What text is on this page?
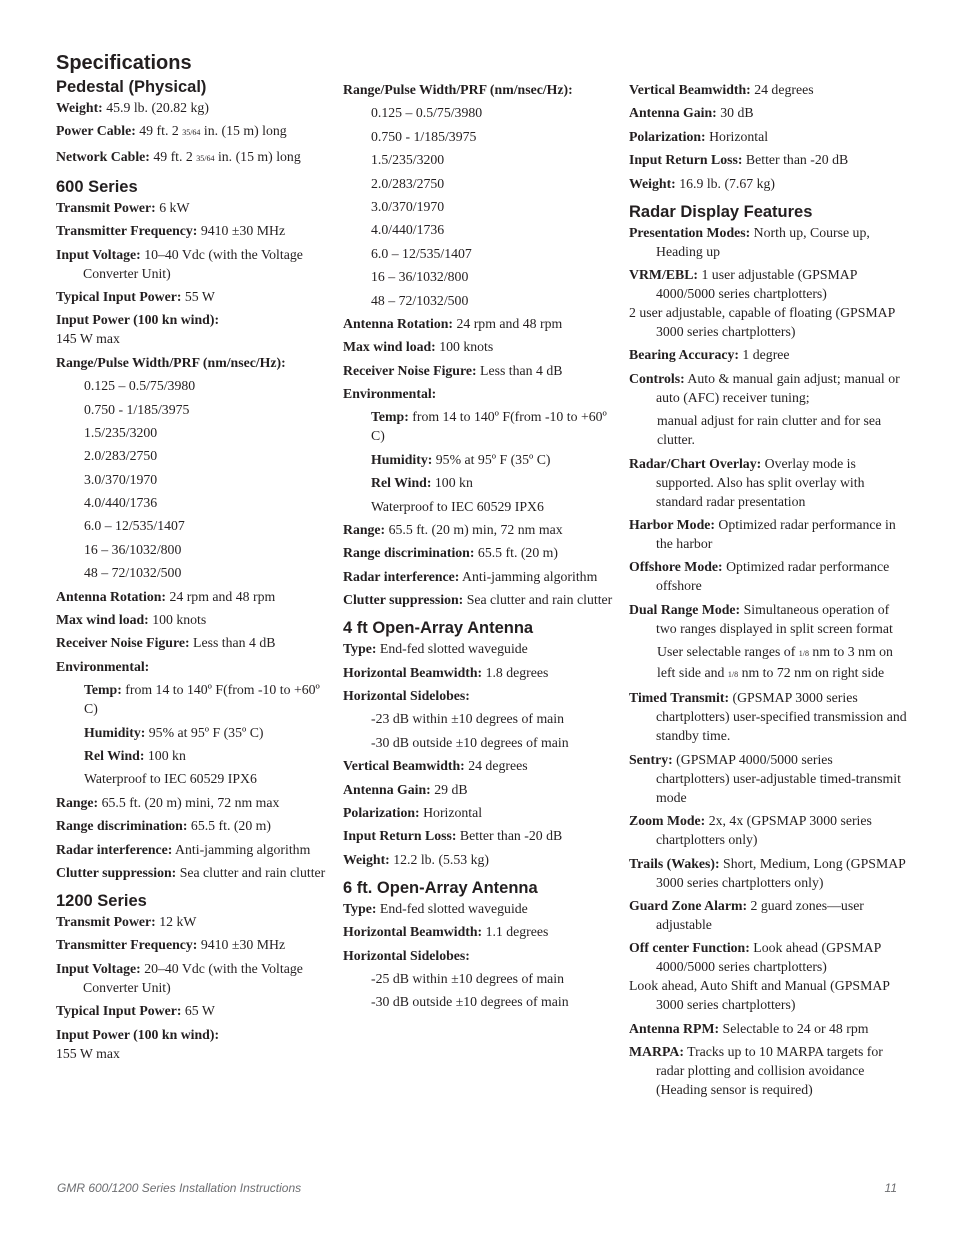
Specifications
Pedestal (Physical)
Weight: 45.9 lb. (20.82 kg)
Power Cable: 49 ft. 2 35/64 in. (15 m) long
Network Cable: 49 ft. 2 35/64 in. (15 m) long
600 Series
Transmit Power: 6 kW
Transmitter Frequency: 9410 ±30 MHz
Input Voltage: 10–40 Vdc (with the Voltage Converter Unit)
Typical Input Power: 55 W
Input Power (100 kn wind):
145 W max
Range/Pulse Width/PRF (nm/nsec/Hz):
0.125 – 0.5/75/3980
0.750 - 1/185/3975
1.5/235/3200
2.0/283/2750
3.0/370/1970
4.0/440/1736
6.0 – 12/535/1407
16 – 36/1032/800
48 – 72/1032/500
Antenna Rotation: 24 rpm and 48 rpm
Max wind load: 100 knots
Receiver Noise Figure: Less than 4 dB
Environmental:
Temp: from 14 to 140º F(from -10 to +60º C)
Humidity: 95% at 95º F (35º C)
Rel Wind: 100 kn
Waterproof to IEC 60529 IPX6
Range: 65.5 ft. (20 m) mini, 72 nm max
Range discrimination: 65.5 ft. (20 m)
Radar interference: Anti-jamming algorithm
Clutter suppression: Sea clutter and rain clutter
1200 Series
Transmit Power: 12 kW
Transmitter Frequency: 9410 ±30 MHz
Input Voltage: 20–40 Vdc (with the Voltage Converter Unit)
Typical Input Power: 65 W
Input Power (100 kn wind):
155 W max
Range/Pulse Width/PRF (nm/nsec/Hz):
0.125 – 0.5/75/3980
0.750 - 1/185/3975
1.5/235/3200
2.0/283/2750
3.0/370/1970
4.0/440/1736
6.0 – 12/535/1407
16 – 36/1032/800
48 – 72/1032/500
Antenna Rotation: 24 rpm and 48 rpm
Max wind load: 100 knots
Receiver Noise Figure: Less than 4 dB
Environmental:
Temp: from 14 to 140º F(from -10 to +60º C)
Humidity: 95% at 95º F (35º C)
Rel Wind: 100 kn
Waterproof to IEC 60529 IPX6
Range: 65.5 ft. (20 m) min, 72 nm max
Range discrimination: 65.5 ft. (20 m)
Radar interference: Anti-jamming algorithm
Clutter suppression: Sea clutter and rain clutter
4 ft Open-Array Antenna
Type: End-fed slotted waveguide
Horizontal Beamwidth: 1.8 degrees
Horizontal Sidelobes:
-23 dB within ±10 degrees of main
-30 dB outside ±10 degrees of main
Vertical Beamwidth: 24 degrees
Antenna Gain: 29 dB
Polarization: Horizontal
Input Return Loss: Better than -20 dB
Weight: 12.2 lb. (5.53 kg)
6 ft. Open-Array Antenna
Type: End-fed slotted waveguide
Horizontal Beamwidth: 1.1 degrees
Horizontal Sidelobes:
-25 dB within ±10 degrees of main
-30 dB outside ±10 degrees of main
Vertical Beamwidth: 24 degrees
Antenna Gain: 30 dB
Polarization: Horizontal
Input Return Loss: Better than -20 dB
Weight: 16.9 lb. (7.67 kg)
Radar Display Features
Presentation Modes: North up, Course up, Heading up
VRM/EBL: 1 user adjustable (GPSMAP 4000/5000 series chartplotters)
2 user adjustable, capable of floating (GPSMAP 3000 series chartplotters)
Bearing Accuracy: 1 degree
Controls: Auto & manual gain adjust; manual or auto (AFC) receiver tuning;
manual adjust for rain clutter and for sea clutter.
Radar/Chart Overlay: Overlay mode is supported. Also has split overlay with standard radar presentation
Harbor Mode: Optimized radar performance in the harbor
Offshore Mode: Optimized radar performance offshore
Dual Range Mode: Simultaneous operation of two ranges displayed in split screen format
User selectable ranges of 1/8 nm to 3 nm on left side and 1/8 nm to 72 nm on right side
Timed Transmit: (GPSMAP 3000 series chartplotters) user-specified transmission and standby time.
Sentry: (GPSMAP 4000/5000 series chartplotters) user-adjustable timed-transmit mode
Zoom Mode: 2x, 4x (GPSMAP 3000 series chartplotters only)
Trails (Wakes): Short, Medium, Long (GPSMAP 3000 series chartplotters only)
Guard Zone Alarm: 2 guard zones—user adjustable
Off center Function: Look ahead (GPSMAP 4000/5000 series chartplotters)
Look ahead, Auto Shift and Manual (GPSMAP 3000 series chartplotters)
Antenna RPM: Selectable to 24 or 48 rpm
MARPA: Tracks up to 10 MARPA targets for radar plotting and collision avoidance (Heading sensor is required)
GMR 600/1200 Series Installation Instructions	11
